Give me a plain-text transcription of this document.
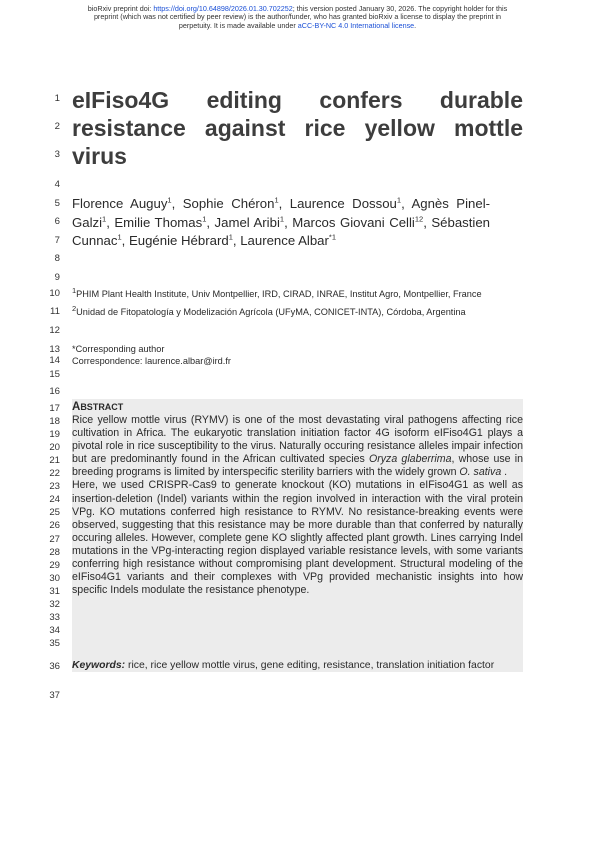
bioRxiv preprint doi: https://doi.org/10.64898/2026.01.30.702252; this version posted January 30, 2026. The copyright holder for this
preprint (which was not certified by peer review) is the author/funder, who has granted bioRxiv a license to display the preprint in
perpetuity. It is made available under aCC-BY-NC 4.0 International license.
1
2
3
4
5
6
7
8
9
10
11
12
13
14
15
16
17
18
19
20
21
22
23
24
25
26
27
28
29
30
31
32
33
34
35
36
37
eIFiso4G editing confers durable resistance against rice yellow mottle virus
Florence Auguy$^1$, Sophie Chéron$^1$, Laurence Dossou$^1$, Agnès Pinel-Galzi$^1$, Emilie Thomas$^1$, Jamel Aribi$^1$, Marcos Giovani Celli$^{12}$, Sébastien Cunnac$^1$, Eugénie Hébrard$^1$, Laurence Albar$^{*1}$
$^1$PHIM Plant Health Institute, Univ Montpellier, IRD, CIRAD, INRAE, Institut Agro, Montpellier, France
$^2$Unidad de Fitopatología y Modelización Agrícola (UFyMA, CONICET-INTA), Córdoba, Argentina
*Corresponding author
Correspondence: laurence.albar@ird.fr
ABSTRACT

Rice yellow mottle virus (RYMV) is one of the most devastating viral pathogens affecting rice cultivation in Africa. The eukaryotic translation initiation factor 4G isoform eIFiso4G1 plays a pivotal role in rice susceptibility to the virus. Naturally occuring resistance alleles impair infection but are predominantly found in the African cultivated species Oryza glaberrima, whose use in breeding programs is limited by interspecific sterility barriers with the widely grown O. sativa .

Here, we used CRISPR-Cas9 to generate knockout (KO) mutations in eIFiso4G1 as well as insertion-deletion (Indel) variants within the region involved in interaction with the viral protein VPg. KO mutations conferred high resistance to RYMV. No resistance-breaking events were observed, suggesting that this resistance may be more durable than that conferred by naturally occuring alleles. However, complete gene KO slightly affected plant growth. Lines carrying Indel mutations in the VPg-interacting region displayed variable resistance levels, with some variants conferring high resistance without compromising plant development. Structural modeling of the eIFiso4G1 variants and their complexes with VPg provided mechanistic insights into how specific Indels modulate the resistance phenotype.

Keywords: rice, rice yellow mottle virus, gene editing, resistance, translation initiation factor
